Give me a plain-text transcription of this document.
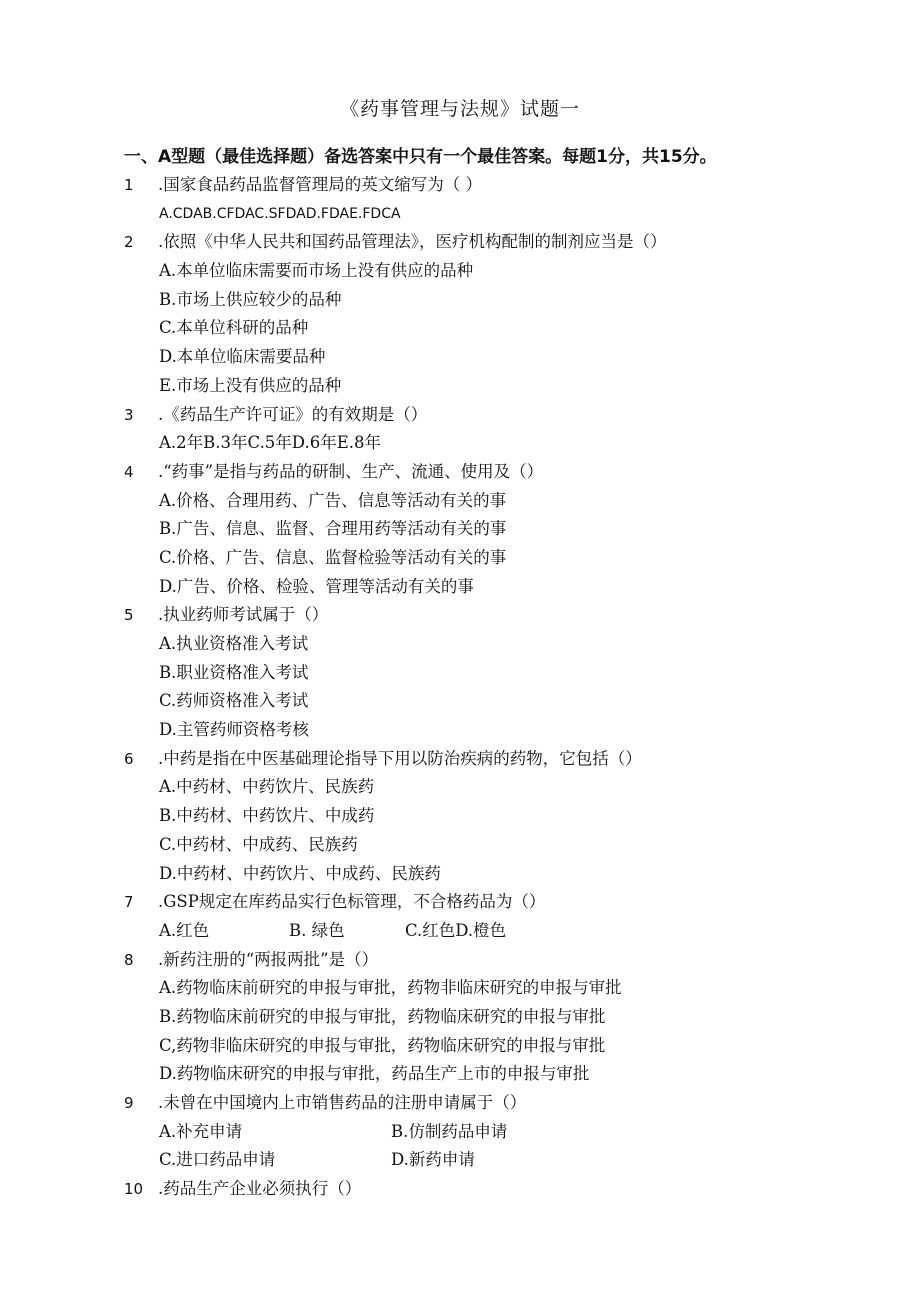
《药事管理与法规》试题一
一、A型题（最佳选择题）备选答案中只有一个最佳答案。每题1分，共15分。
1 .国家食品药品监督管理局的英文缩写为（ ）
A.CDAB.CFDAC.SFDAD.FDAE.FDCA
2 .依照《中华人民共和国药品管理法》，医疗机构配制的制剂应当是（）
A.本单位临床需要而市场上没有供应的品种
B.市场上供应较少的品种
C.本单位科研的品种
D.本单位临床需要品种
E.市场上没有供应的品种
3 .《药品生产许可证》的有效期是（）
A.2年B.3年C.5年D.6年E.8年
4 .“药事”是指与药品的研制、生产、流通、使用及（）
A.价格、合理用药、广告、信息等活动有关的事
B.广告、信息、监督、合理用药等活动有关的事
C.价格、广告、信息、监督检验等活动有关的事
D.广告、价格、检验、管理等活动有关的事
5 .执业药师考试属于（）
A.执业资格准入考试
B.职业资格准入考试
C.药师资格准入考试
D.主管药师资格考核
6 .中药是指在中医基础理论指导下用以防治疾病的药物，它包括（）
A.中药材、中药饮片、民族药
B.中药材、中药饮片、中成药
C.中药材、中成药、民族药
D.中药材、中药饮片、中成药、民族药
7 .GSP规定在库药品实行色标管理，不合格药品为（）
A.红色	B. 绿色	C.红色D.橙色
8 .新药注册的“两报两批”是（）
A.药物临床前研究的申报与审批，药物非临床研究的申报与审批
B.药物临床前研究的申报与审批，药物临床研究的申报与审批
C,药物非临床研究的申报与审批，药物临床研究的申报与审批
D.药物临床研究的申报与审批，药品生产上市的申报与审批
9 .未曾在中国境内上市销售药品的注册申请属于（）
A.补充申请	B.仿制药品申请
C.进口药品申请	D.新药申请
10 .药品生产企业必须执行（）
